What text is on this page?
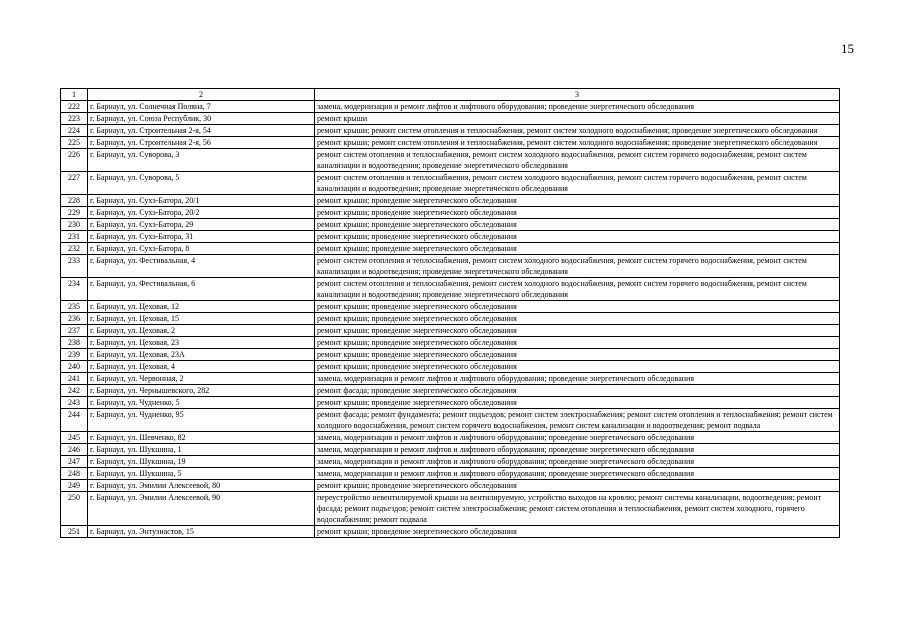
15
1	2	3
222	г. Барнаул, ул. Солнечная Поляна, 7	замена, модернизация и ремонт лифтов и лифтового оборудования; проведение энергетического обследования
223	г. Барнаул, ул. Союза Республик, 30	ремонт крыши
224	г. Барнаул, ул. Строительная 2-я, 54	ремонт крыши; ремонт систем отопления и теплоснабжения, ремонт систем холодного водоснабжения; проведение энергетического обследования
225	г. Барнаул, ул. Строительная 2-я, 56	ремонт крыши; ремонт систем отопления и теплоснабжения, ремонт систем холодного водоснабжения; проведение энергетического обследования
226	г. Барнаул, ул. Суворова, 3	ремонт систем отопления и теплоснабжения, ремонт систем холодного водоснабжения, ремонт систем горячего водоснабжения, ремонт систем канализации и водоотведения; проведение энергетического обследования
227	г. Барнаул, ул. Суворова, 5	ремонт систем отопления и теплоснабжения, ремонт систем холодного водоснабжения, ремонт систем горячего водоснабжения, ремонт систем канализации и водоотведения; проведение энергетического обследования
228	г. Барнаул, ул. Сухэ-Батора, 20/1	ремонт крыши; проведение энергетического обследования
229	г. Барнаул, ул. Сухэ-Батора, 20/2	ремонт крыши; проведение энергетического обследования
230	г. Барнаул, ул. Сухэ-Батора, 29	ремонт крыши; проведение энергетического обследования
231	г. Барнаул, ул. Сухэ-Батора, 31	ремонт крыши; проведение энергетического обследования
232	г. Барнаул, ул. Сухэ-Батора, 8	ремонт крыши; проведение энергетического обследования
233	г. Барнаул, ул. Фестивальная, 4	ремонт систем отопления и теплоснабжения, ремонт систем холодного водоснабжения, ремонт систем горячего водоснабжения, ремонт систем канализации и водоотведения; проведение энергетического обследования
234	г. Барнаул, ул. Фестивальная, 6	ремонт систем отопления и теплоснабжения, ремонт систем холодного водоснабжения, ремонт систем горячего водоснабжения, ремонт систем канализации и водоотведения; проведение энергетического обследования
235	г. Барнаул, ул. Цеховая, 12	ремонт крыши; проведение энергетического обследования
236	г. Барнаул, ул. Цеховая, 15	ремонт крыши; проведение энергетического обследования
237	г. Барнаул, ул. Цеховая, 2	ремонт крыши; проведение энергетического обследования
238	г. Барнаул, ул. Цеховая, 23	ремонт крыши; проведение энергетического обследования
239	г. Барнаул, ул. Цеховая, 23А	ремонт крыши; проведение энергетического обследования
240	г. Барнаул, ул. Цеховая, 4	ремонт крыши; проведение энергетического обследования
241	г. Барнаул, ул. Червонная, 2	замена, модернизация и ремонт лифтов и лифтового оборудования; проведение энергетического обследования
242	г. Барнаул, ул. Чернышевского, 282	ремонт фасада; проведение энергетического обследования
243	г. Барнаул, ул. Чудненко, 5	ремонт крыши; проведение энергетического обследования
244	г. Барнаул, ул. Чудненко, 95	ремонт фасада; ремонт фундамента; ремонт подъездов; ремонт систем электроснабжения; ремонт систем отопления и теплоснабжения; ремонт систем холодного водоснабжения, ремонт систем горячего водоснабжения, ремонт систем канализации и водоотведения; ремонт подвала
245	г. Барнаул, ул. Шевченко, 82	замена, модернизация и ремонт лифтов и лифтового оборудования; проведение энергетического обследования
246	г. Барнаул, ул. Шукшина, 1	замена, модернизация и ремонт лифтов и лифтового оборудования; проведение энергетического обследования
247	г. Барнаул, ул. Шукшина, 19	замена, модернизация и ремонт лифтов и лифтового оборудования; проведение энергетического обследования
248	г. Барнаул, ул. Шукшина, 5	замена, модернизация и ремонт лифтов и лифтового оборудования; проведение энергетического обследования
249	г. Барнаул, ул. Эмилии Алексеевой, 80	ремонт крыши; проведение энергетического обследования
250	г. Барнаул, ул. Эмилии Алексеевой, 90	переустройство невентилируемой крыши на вентилируемую, устройство выходов на кровлю; ремонт системы канализации, водоотведения; ремонт фасада; ремонт подъездов; ремонт систем электроснабжения; ремонт систем отопления и теплоснабжения, ремонт систем холодного, горячего водоснабжения; ремонт подвала
251	г. Барнаул, ул. Энтузиастов, 15	ремонт крыши; проведение энергетического обследования
